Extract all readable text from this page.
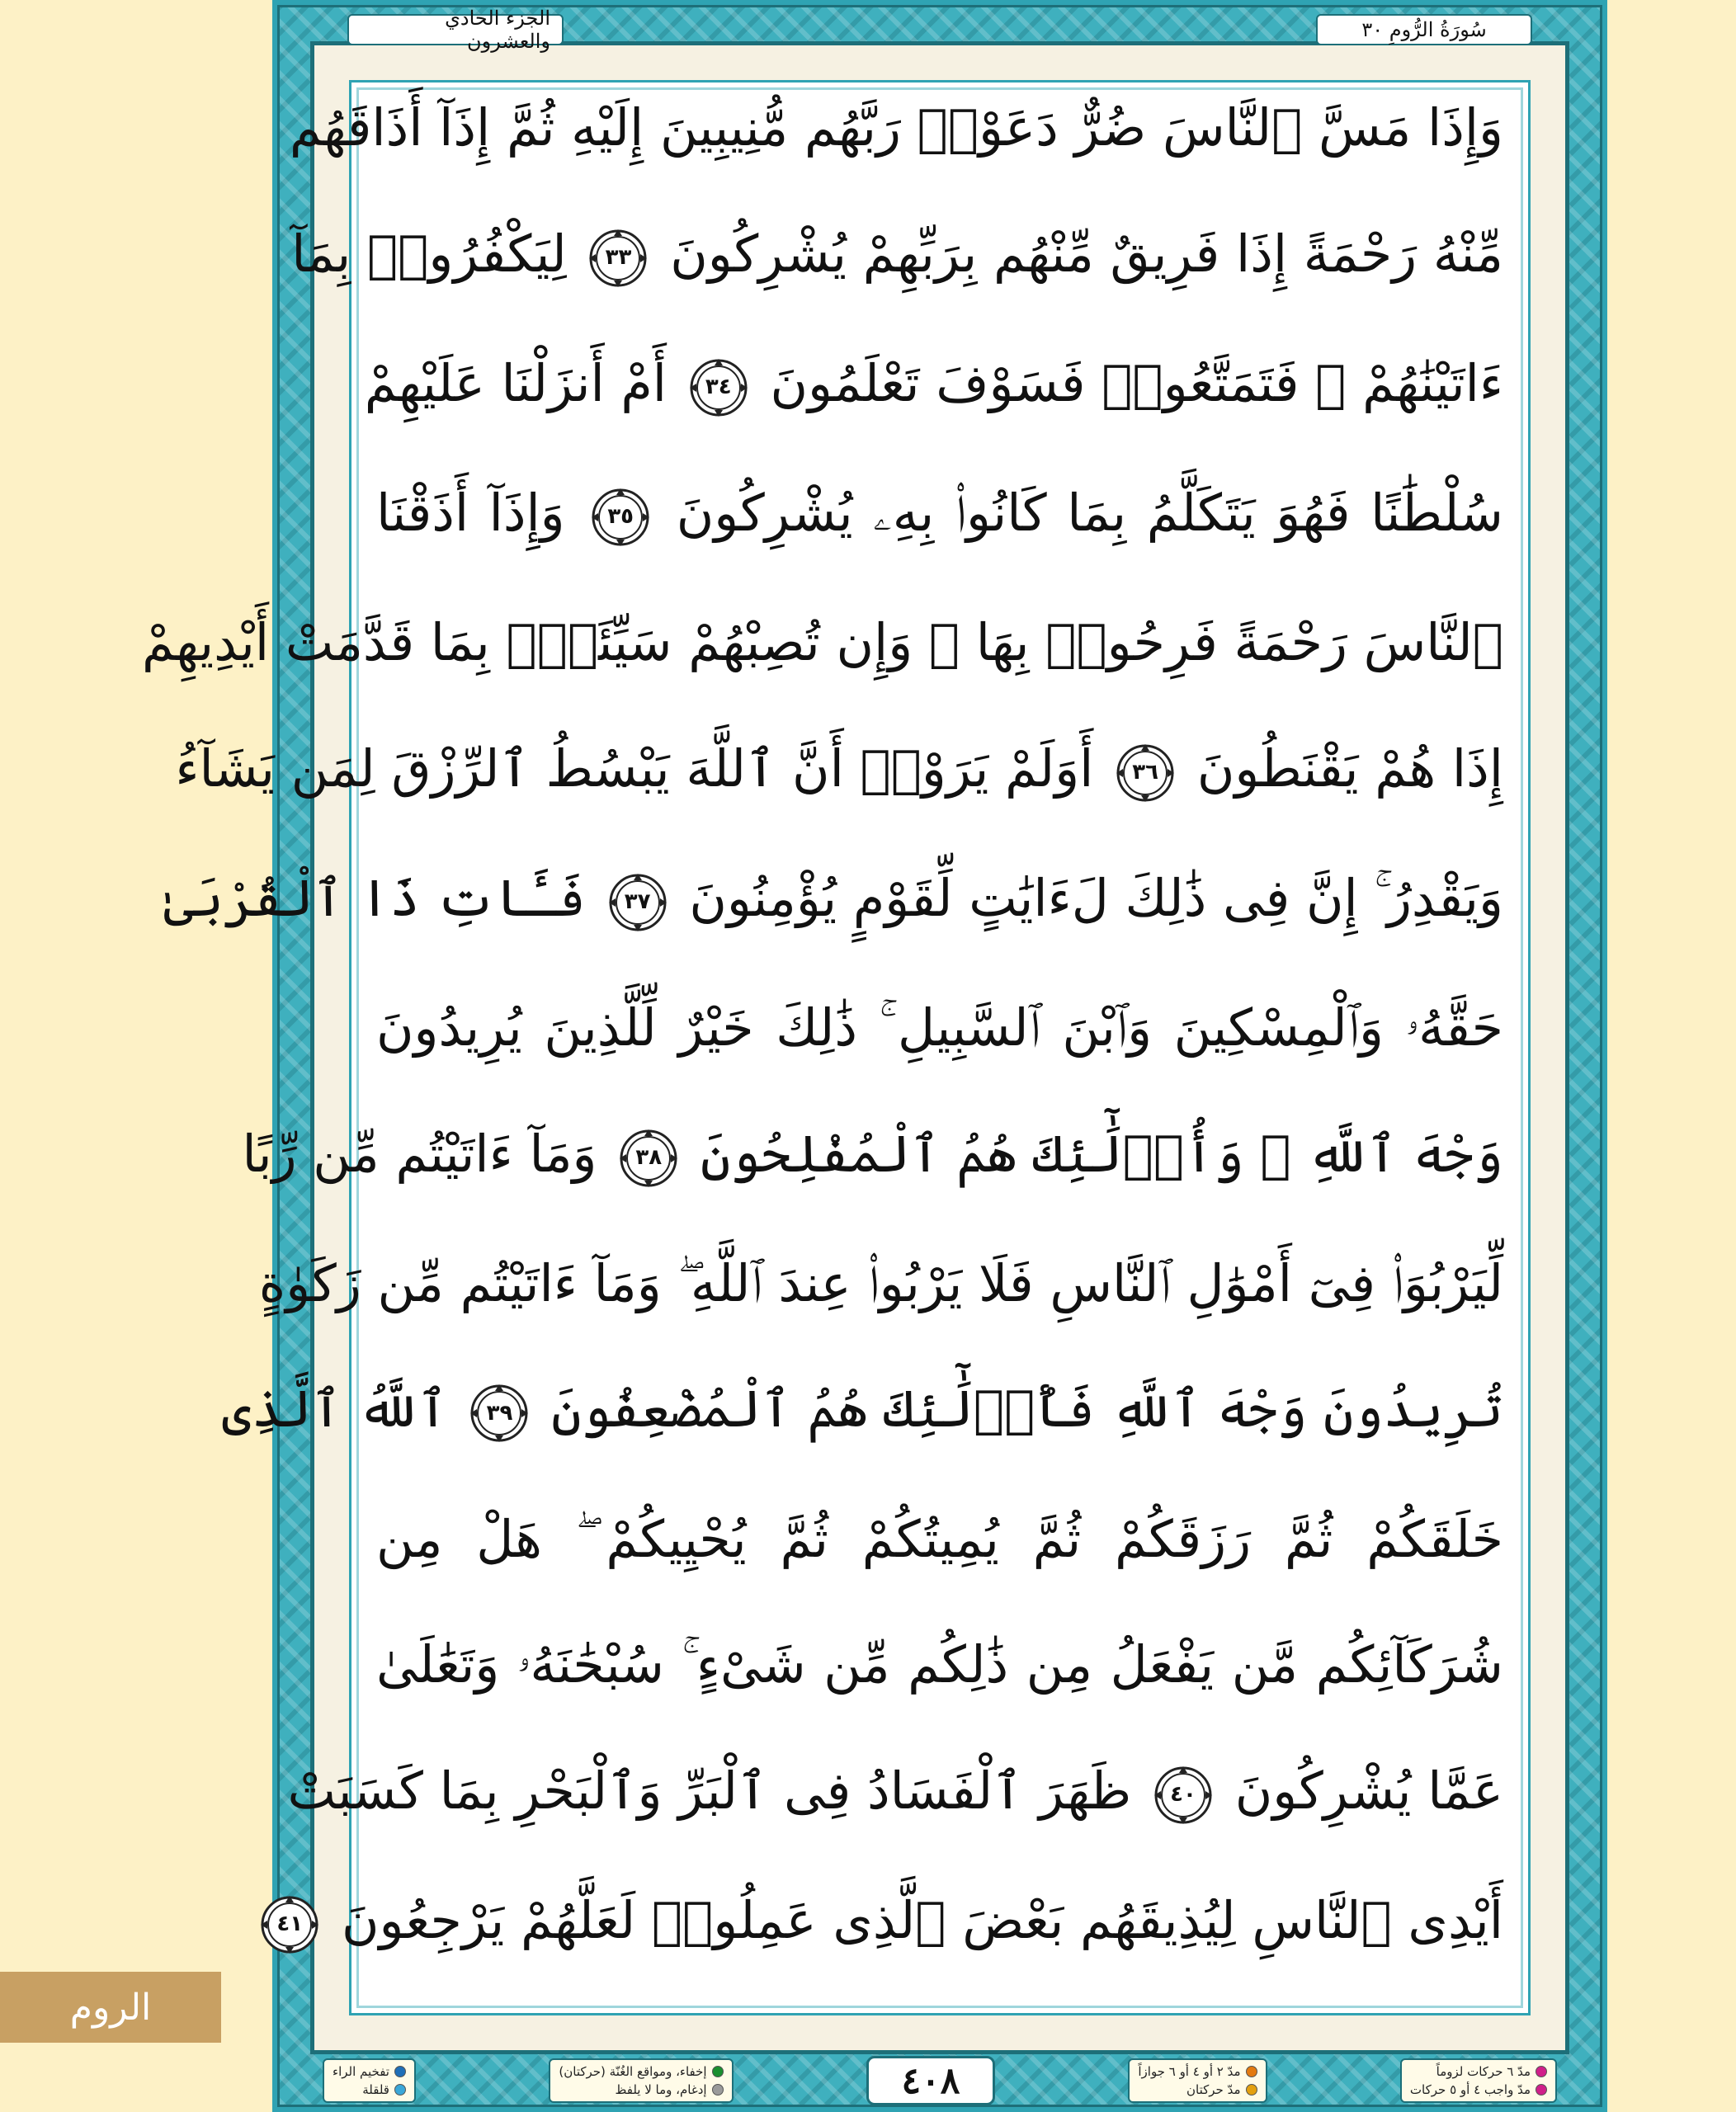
الجزء الحادي والعشرون	سُورَةُ الرُّومِ ٣٠
وَإِذَا مَسَّ ٱلنَّاسَ ضُرٌّ دَعَوْا۟ رَبَّهُم مُّنِيبِينَ إِلَيْهِ ثُمَّ إِذَآ أَذَاقَهُم
مِّنْهُ رَحْمَةً إِذَا فَرِيقٌ مِّنْهُم بِرَبِّهِمْ يُشْرِكُونَ
٣٣
لِيَكْفُرُوا۟ بِمَآ
ءَاتَيْنَٰهُمْ ۚ فَتَمَتَّعُوا۟ فَسَوْفَ تَعْلَمُونَ
٣٤
أَمْ أَنزَلْنَا عَلَيْهِمْ
سُلْطَٰنًا فَهُوَ يَتَكَلَّمُ بِمَا كَانُوا۟ بِهِۦ يُشْرِكُونَ
٣٥
وَإِذَآ أَذَقْنَا
ٱلنَّاسَ رَحْمَةً فَرِحُوا۟ بِهَا ۖ وَإِن تُصِبْهُمْ سَيِّئَةٌۢ بِمَا قَدَّمَتْ أَيْدِيهِمْ
إِذَا هُمْ يَقْنَطُونَ
٣٦
أَوَلَمْ يَرَوْا۟ أَنَّ ٱللَّهَ يَبْسُطُ ٱلرِّزْقَ لِمَن يَشَآءُ
وَيَقْدِرُ ۚ إِنَّ فِى ذَٰلِكَ لَءَايَٰتٍ لِّقَوْمٍ يُؤْمِنُونَ
٣٧
فَـَٔاتِ ذَا ٱلْقُرْبَىٰ
حَقَّهُۥ وَٱلْمِسْكِينَ وَٱبْنَ ٱلسَّبِيلِ ۚ ذَٰلِكَ خَيْرٌ لِّلَّذِينَ يُرِيدُونَ
وَجْهَ ٱللَّهِ ۖ وَأُو۟لَٰٓئِكَ هُمُ ٱلْمُفْلِحُونَ
٣٨
وَمَآ ءَاتَيْتُم مِّن رِّبًا
لِّيَرْبُوَا۟ فِىٓ أَمْوَٰلِ ٱلنَّاسِ فَلَا يَرْبُوا۟ عِندَ ٱللَّهِ ۖ وَمَآ ءَاتَيْتُم مِّن زَكَوٰةٍ
تُرِيدُونَ وَجْهَ ٱللَّهِ فَأُو۟لَٰٓئِكَ هُمُ ٱلْمُضْعِفُونَ
٣٩
ٱللَّهُ ٱلَّذِى
خَلَقَكُمْ ثُمَّ رَزَقَكُمْ ثُمَّ يُمِيتُكُمْ ثُمَّ يُحْيِيكُمْ ۖ هَلْ مِن
شُرَكَآئِكُم مَّن يَفْعَلُ مِن ذَٰلِكُم مِّن شَىْءٍ ۚ سُبْحَٰنَهُۥ وَتَعَٰلَىٰ
عَمَّا يُشْرِكُونَ
٤٠
ظَهَرَ ٱلْفَسَادُ فِى ٱلْبَرِّ وَٱلْبَحْرِ بِمَا كَسَبَتْ
أَيْدِى ٱلنَّاسِ لِيُذِيقَهُم بَعْضَ ٱلَّذِى عَمِلُوا۟ لَعَلَّهُمْ يَرْجِعُونَ
٤١
مدّ ٦ حركات لزوماً
مدّ واجب ٤ أو ٥ حركات
مدّ ٢ أو ٤ أو ٦ جوازاً
مدّ حركتان
٤٠٨
إخفاء، ومواقع الغُنّة (حركتان)
إدغام، وما لا يلفظ
تفخيم الراء
قلقلة
الروم
